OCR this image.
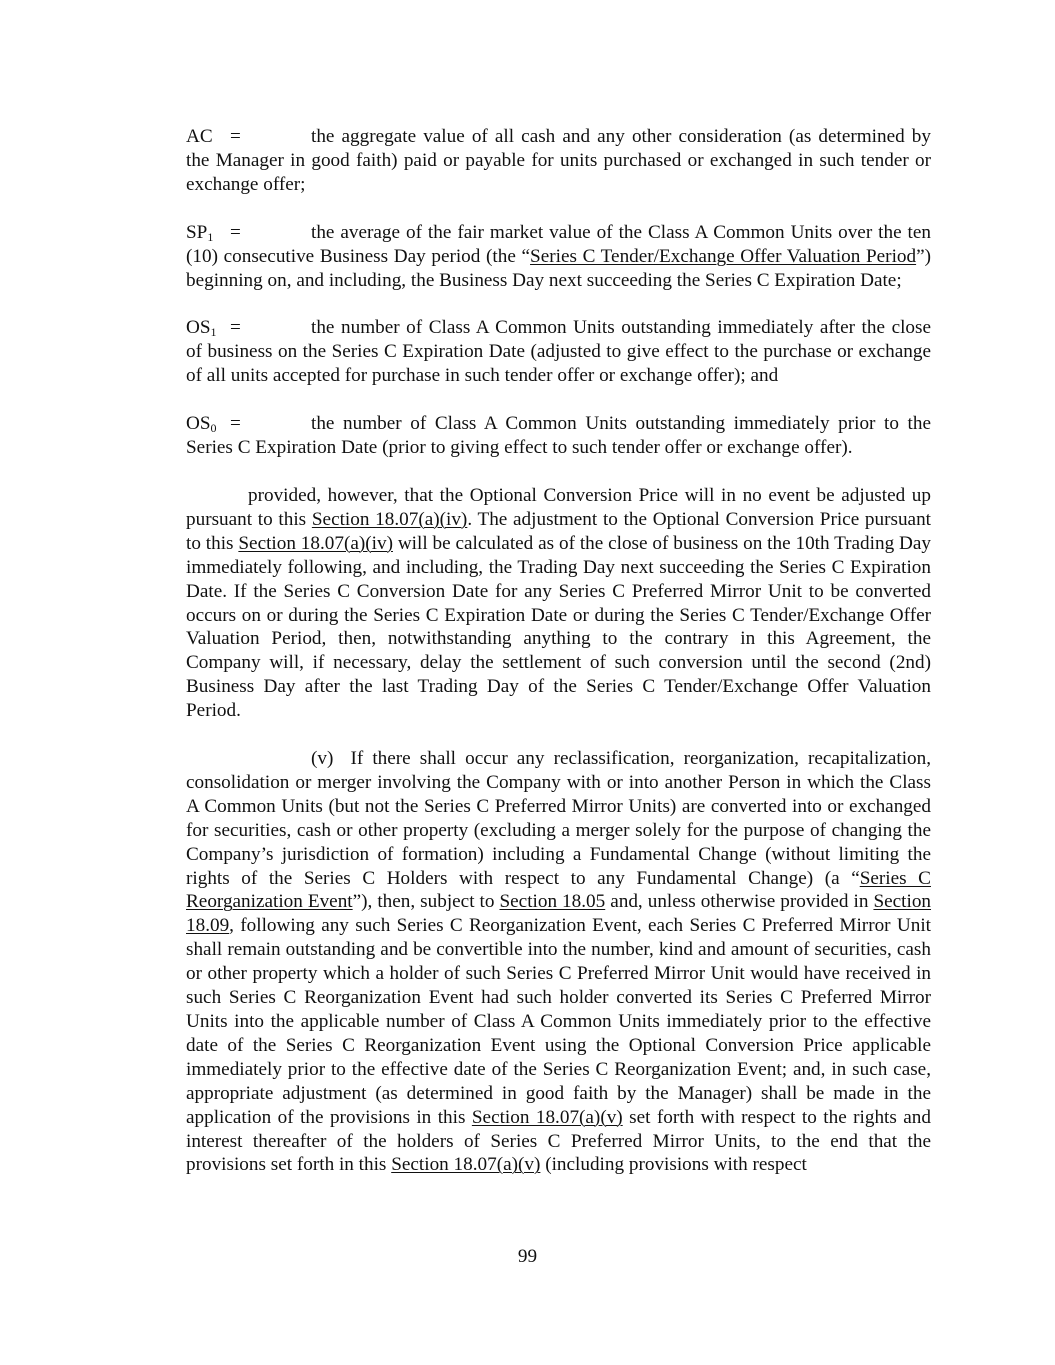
AC =	the aggregate value of all cash and any other consideration (as determined by the Manager in good faith) paid or payable for units purchased or exchanged in such tender or exchange offer;

$SP_1$ =	the average of the fair market value of the Class A Common Units over the ten (10) consecutive Business Day period (the “Series C Tender/Exchange Offer Valuation Period”) beginning on, and including, the Business Day next succeeding the Series C Expiration Date;

$OS_1$ =	the number of Class A Common Units outstanding immediately after the close of business on the Series C Expiration Date (adjusted to give effect to the purchase or exchange of all units accepted for purchase in such tender offer or exchange offer); and

$OS_0$ =	the number of Class A Common Units outstanding immediately prior to the Series C Expiration Date (prior to giving effect to such tender offer or exchange offer).

provided, however, that the Optional Conversion Price will in no event be adjusted up pursuant to this Section 18.07(a)(iv). The adjustment to the Optional Conversion Price pursuant to this Section 18.07(a)(iv) will be calculated as of the close of business on the 10th Trading Day immediately following, and including, the Trading Day next succeeding the Series C Expiration Date. If the Series C Conversion Date for any Series C Preferred Mirror Unit to be converted occurs on or during the Series C Expiration Date or during the Series C Tender/Exchange Offer Valuation Period, then, notwithstanding anything to the contrary in this Agreement, the Company will, if necessary, delay the settlement of such conversion until the second (2nd) Business Day after the last Trading Day of the Series C Tender/Exchange Offer Valuation Period.

(v) If there shall occur any reclassification, reorganization, recapitalization, consolidation or merger involving the Company with or into another Person in which the Class A Common Units (but not the Series C Preferred Mirror Units) are converted into or exchanged for securities, cash or other property (excluding a merger solely for the purpose of changing the Company’s jurisdiction of formation) including a Fundamental Change (without limiting the rights of the Series C Holders with respect to any Fundamental Change) (a “Series C Reorganization Event”), then, subject to Section 18.05 and, unless otherwise provided in Section 18.09, following any such Series C Reorganization Event, each Series C Preferred Mirror Unit shall remain outstanding and be convertible into the number, kind and amount of securities, cash or other property which a holder of such Series C Preferred Mirror Unit would have received in such Series C Reorganization Event had such holder converted its Series C Preferred Mirror Units into the applicable number of Class A Common Units immediately prior to the effective date of the Series C Reorganization Event using the Optional Conversion Price applicable immediately prior to the effective date of the Series C Reorganization Event; and, in such case, appropriate adjustment (as determined in good faith by the Manager) shall be made in the application of the provisions in this Section 18.07(a)(v) set forth with respect to the rights and interest thereafter of the holders of Series C Preferred Mirror Units, to the end that the provisions set forth in this Section 18.07(a)(v) (including provisions with respect

99
